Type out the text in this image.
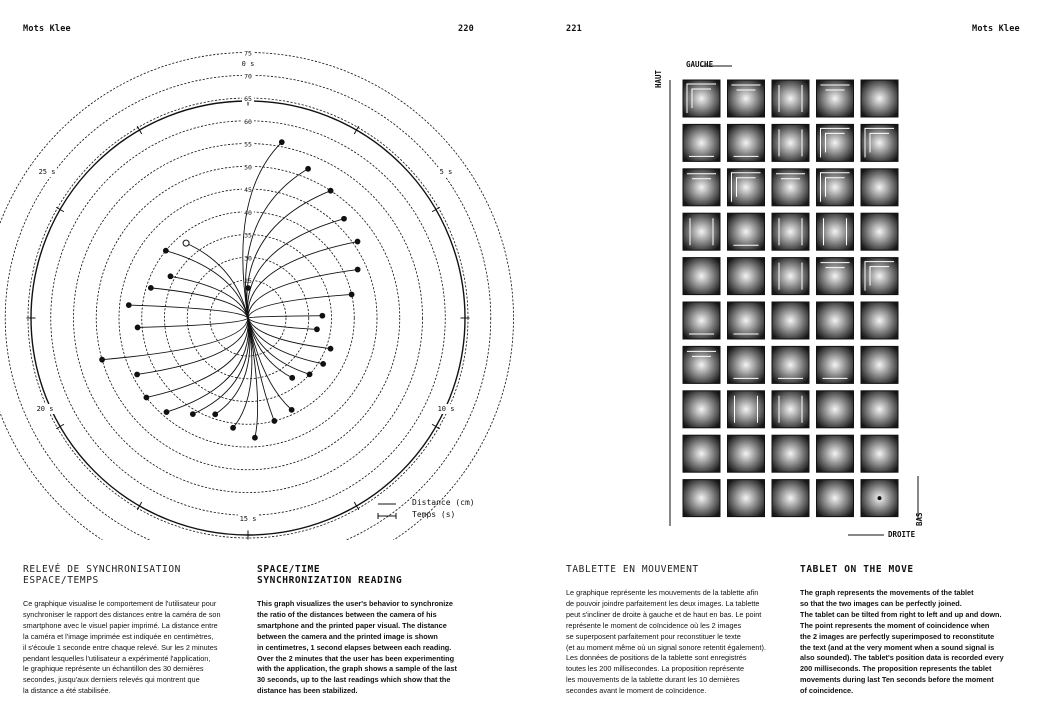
Mots Klee	220	221	Mots Klee
25
30
35
40
45
50
55
60
65
70
75
0 s
5 s
10 s
15 s
20 s
25 s
Distance (cm)
Temps (s)
GAUCHE
DROITE
HAUT
BAS
RELEVÉ DE SYNCHRONISATION
ESPACE/TEMPS
SPACE/TIME
SYNCHRONIZATION READING
Ce graphique visualise le comportement de l'utilisateur pour
synchroniser le rapport des distances entre la caméra de son
smartphone avec le visuel papier imprimé. La distance entre
la caméra et l'image imprimée est indiquée en centimètres,
il s'écoule 1 seconde entre chaque relevé. Sur les 2 minutes
pendant lesquelles l'utilisateur a expérimenté l'application,
le graphique représente un échantillon des 30 dernières
secondes, jusqu'aux derniers relevés qui montrent que
la distance a été stabilisée.
This graph visualizes the user's behavior to synchronize
the ratio of the distances between the camera of his
smartphone and the printed paper visual. The distance
between the camera and the printed image is shown
in centimetres, 1 second elapses between each reading.
Over the 2 minutes that the user has been experimenting
with the application, the graph shows a sample of the last
30 seconds, up to the last readings which show that the
distance has been stabilized.
TABLETTE EN MOUVEMENT	TABLET ON THE MOVE
Le graphique représente les mouvements de la tablette afin
de pouvoir joindre parfaitement les deux images. La tablette
peut s'incliner de droite à gauche et de haut en bas. Le point
représente le moment de coïncidence où les 2 images
se superposent parfaitement pour reconstituer le texte
(et au moment même où un signal sonore retentit également).
Les données de positions de la tablette sont enregistrés
toutes les 200 millisecondes. La proposition représente
les mouvements de la tablette durant les 10 dernières
secondes avant le moment de coïncidence.
The graph represents the movements of the tablet
so that the two images can be perfectly joined.
The tablet can be tilted from right to left and up and down.
The point represents the moment of coincidence when
the 2 images are perfectly superimposed to reconstitute
the text (and at the very moment when a sound signal is
also sounded). The tablet's position data is recorded every
200 milliseconds. The proposition represents the tablet
movements during last Ten seconds before the moment
of coincidence.
